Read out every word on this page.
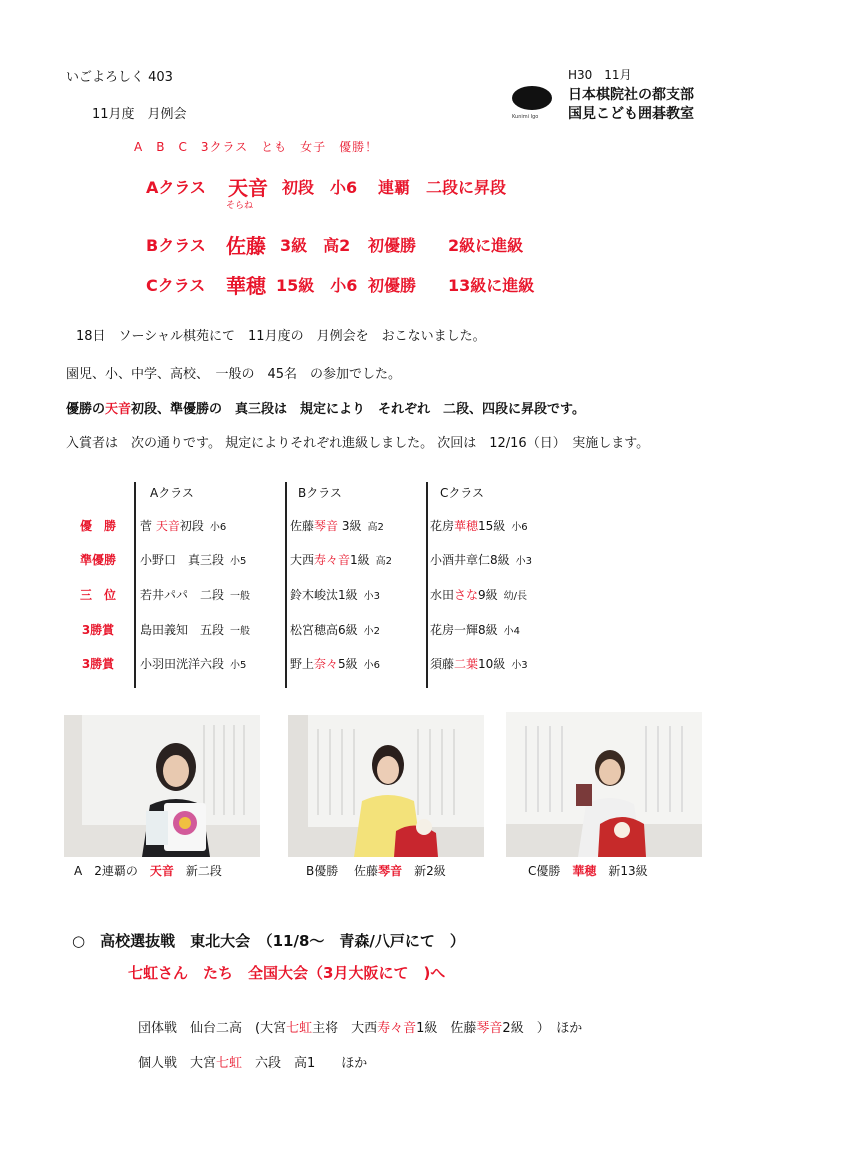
いごよろしく 403
11月度　月例会	Kunimi Igo
H30　11月
日本棋院社の都支部
国見こども囲碁教室
A　B　C　3クラス　とも　女子　優勝！
Aクラス 天音 初段　小6 連覇　二段に昇段
そらね
Bクラス 佐藤 3級　高2 初優勝　　2級に進級
Cクラス 華穂 15級　小6 初優勝　　13級に進級
18日　ソーシャル棋苑にて　11月度の　月例会を　おこないました。
園児、小、中学、高校、　一般の　45名　の参加でした。
優勝の天音初段、準優勝の　真三段は　規定により　それぞれ　二段、四段に昇段です。
入賞者は　次の通りです。 規定によりそれぞれ進級しました。 次回は　12/16（日）　実施します。
Aクラス	Bクラス	Cクラス
優　勝	菅 天音初段 小6	佐藤琴音 3級 高2	花房華穂15級 小6
準優勝	小野口　真三段 小5	大西寿々音1級 高2	小酒井章仁8級 小3
三　位	若井パパ　二段 一般	鈴木峻汰1級 小3	水田さな9級 幼/長
3勝賞	島田義知　五段 一般	松宮穂高6級 小2	花房一輝8級 小4
3勝賞	小羽田洸洋六段 小5	野上奈々5級 小6	須藤二葉10級 小3
A　2連覇の　天音　新二段	B優勝　 佐藤琴音　新2級	C優勝　華穂　新13級
○　高校選抜戦　東北大会　（11/8～　青森/八戸にて　）
七虹さん　たち　全国大会（3月大阪にて　)へ
団体戦　仙台二高　(大宮七虹主将　大西寿々音1級　佐藤琴音2級　）　ほか
個人戦　大宮七虹　六段　高1　　ほか
